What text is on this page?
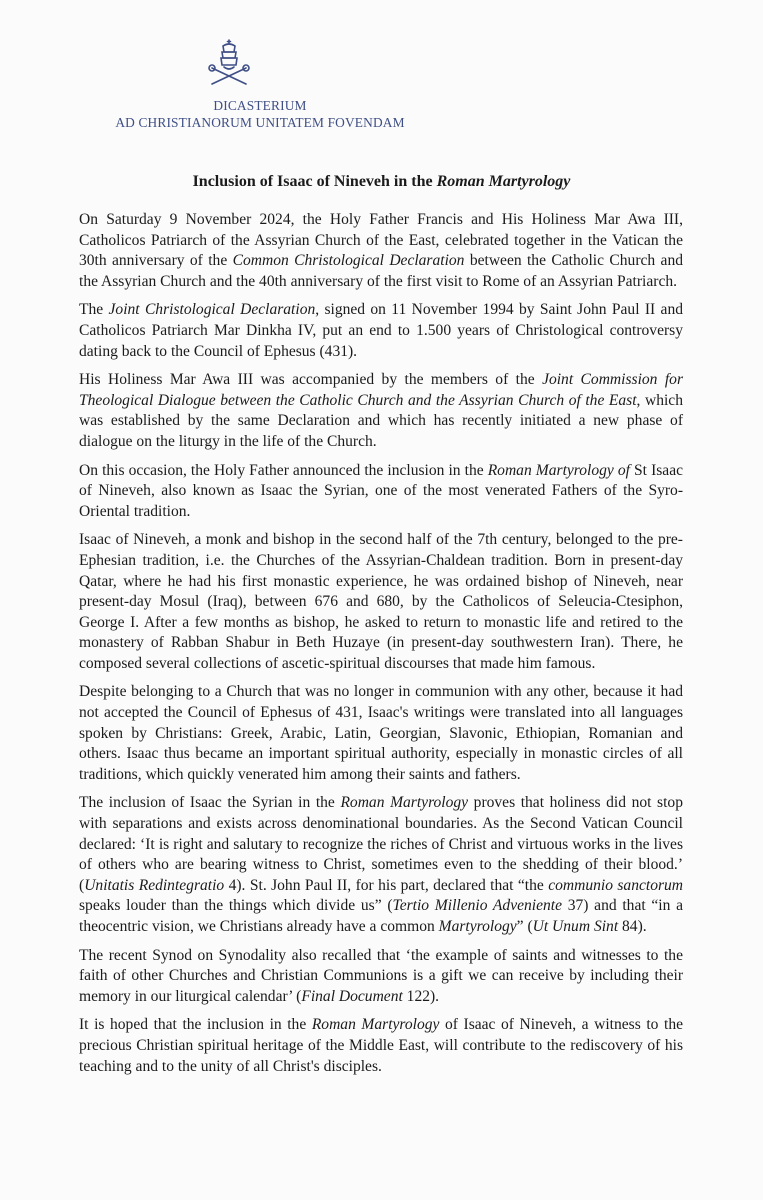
DICASTERIUM
AD CHRISTIANORUM UNITATEM FOVENDAM
Inclusion of Isaac of Nineveh in the Roman Martyrology

On Saturday 9 November 2024, the Holy Father Francis and His Holiness Mar Awa III, Catholicos Patriarch of the Assyrian Church of the East, celebrated together in the Vatican the 30th anniversary of the Common Christological Declaration between the Catholic Church and the Assyrian Church and the 40th anniversary of the first visit to Rome of an Assyrian Patriarch.

The Joint Christological Declaration, signed on 11 November 1994 by Saint John Paul II and Catholicos Patriarch Mar Dinkha IV, put an end to 1.500 years of Christological controversy dating back to the Council of Ephesus (431).

His Holiness Mar Awa III was accompanied by the members of the Joint Commission for Theological Dialogue between the Catholic Church and the Assyrian Church of the East, which was established by the same Declaration and which has recently initiated a new phase of dialogue on the liturgy in the life of the Church.

On this occasion, the Holy Father announced the inclusion in the Roman Martyrology of St Isaac of Nineveh, also known as Isaac the Syrian, one of the most venerated Fathers of the Syro-Oriental tradition.

Isaac of Nineveh, a monk and bishop in the second half of the 7th century, belonged to the pre-Ephesian tradition, i.e. the Churches of the Assyrian-Chaldean tradition. Born in present-day Qatar, where he had his first monastic experience, he was ordained bishop of Nineveh, near present-day Mosul (Iraq), between 676 and 680, by the Catholicos of Seleucia-Ctesiphon, George I. After a few months as bishop, he asked to return to monastic life and retired to the monastery of Rabban Shabur in Beth Huzaye (in present-day southwestern Iran). There, he composed several collections of ascetic-spiritual discourses that made him famous.

Despite belonging to a Church that was no longer in communion with any other, because it had not accepted the Council of Ephesus of 431, Isaac's writings were translated into all languages spoken by Christians: Greek, Arabic, Latin, Georgian, Slavonic, Ethiopian, Romanian and others. Isaac thus became an important spiritual authority, especially in monastic circles of all traditions, which quickly venerated him among their saints and fathers.

The inclusion of Isaac the Syrian in the Roman Martyrology proves that holiness did not stop with separations and exists across denominational boundaries. As the Second Vatican Council declared: ‘It is right and salutary to recognize the riches of Christ and virtuous works in the lives of others who are bearing witness to Christ, sometimes even to the shedding of their blood.’ (Unitatis Redintegratio 4). St. John Paul II, for his part, declared that “the communio sanctorum speaks louder than the things which divide us” (Tertio Millenio Adveniente 37) and that “in a theocentric vision, we Christians already have a common Martyrology” (Ut Unum Sint 84).

The recent Synod on Synodality also recalled that ‘the example of saints and witnesses to the faith of other Churches and Christian Communions is a gift we can receive by including their memory in our liturgical calendar’ (Final Document 122).

It is hoped that the inclusion in the Roman Martyrology of Isaac of Nineveh, a witness to the precious Christian spiritual heritage of the Middle East, will contribute to the rediscovery of his teaching and to the unity of all Christ's disciples.
